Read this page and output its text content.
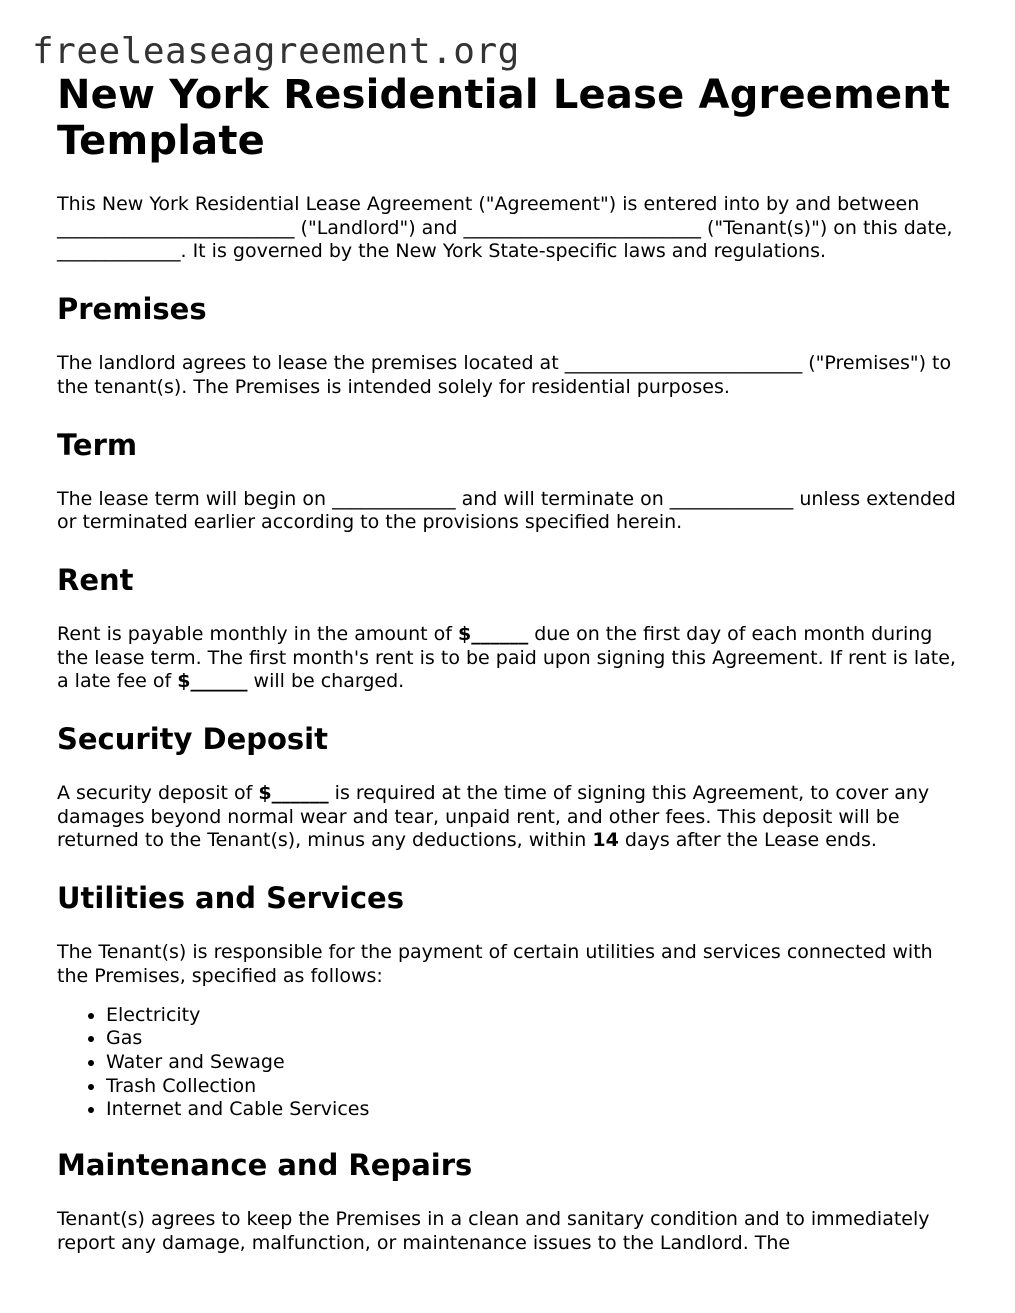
freeleaseagreement.org
New York Residential Lease Agreement Template

This New York Residential Lease Agreement ("Agreement") is entered into by and between _________________________ ("Landlord") and _________________________ ("Tenant(s)") on this date, _____________. It is governed by the New York State-specific laws and regulations.

Premises

The landlord agrees to lease the premises located at _________________________ ("Premises") to the tenant(s). The Premises is intended solely for residential purposes.

Term

The lease term will begin on _____________ and will terminate on _____________ unless extended or terminated earlier according to the provisions specified herein.

Rent

Rent is payable monthly in the amount of $______ due on the first day of each month during the lease term. The first month's rent is to be paid upon signing this Agreement. If rent is late, a late fee of $______ will be charged.

Security Deposit

A security deposit of $______ is required at the time of signing this Agreement, to cover any damages beyond normal wear and tear, unpaid rent, and other fees. This deposit will be returned to the Tenant(s), minus any deductions, within 14 days after the Lease ends.

Utilities and Services

The Tenant(s) is responsible for the payment of certain utilities and services connected with the Premises, specified as follows:

• Electricity
• Gas
• Water and Sewage
• Trash Collection
• Internet and Cable Services
Maintenance and Repairs

Tenant(s) agrees to keep the Premises in a clean and sanitary condition and to immediately report any damage, malfunction, or maintenance issues to the Landlord. The
